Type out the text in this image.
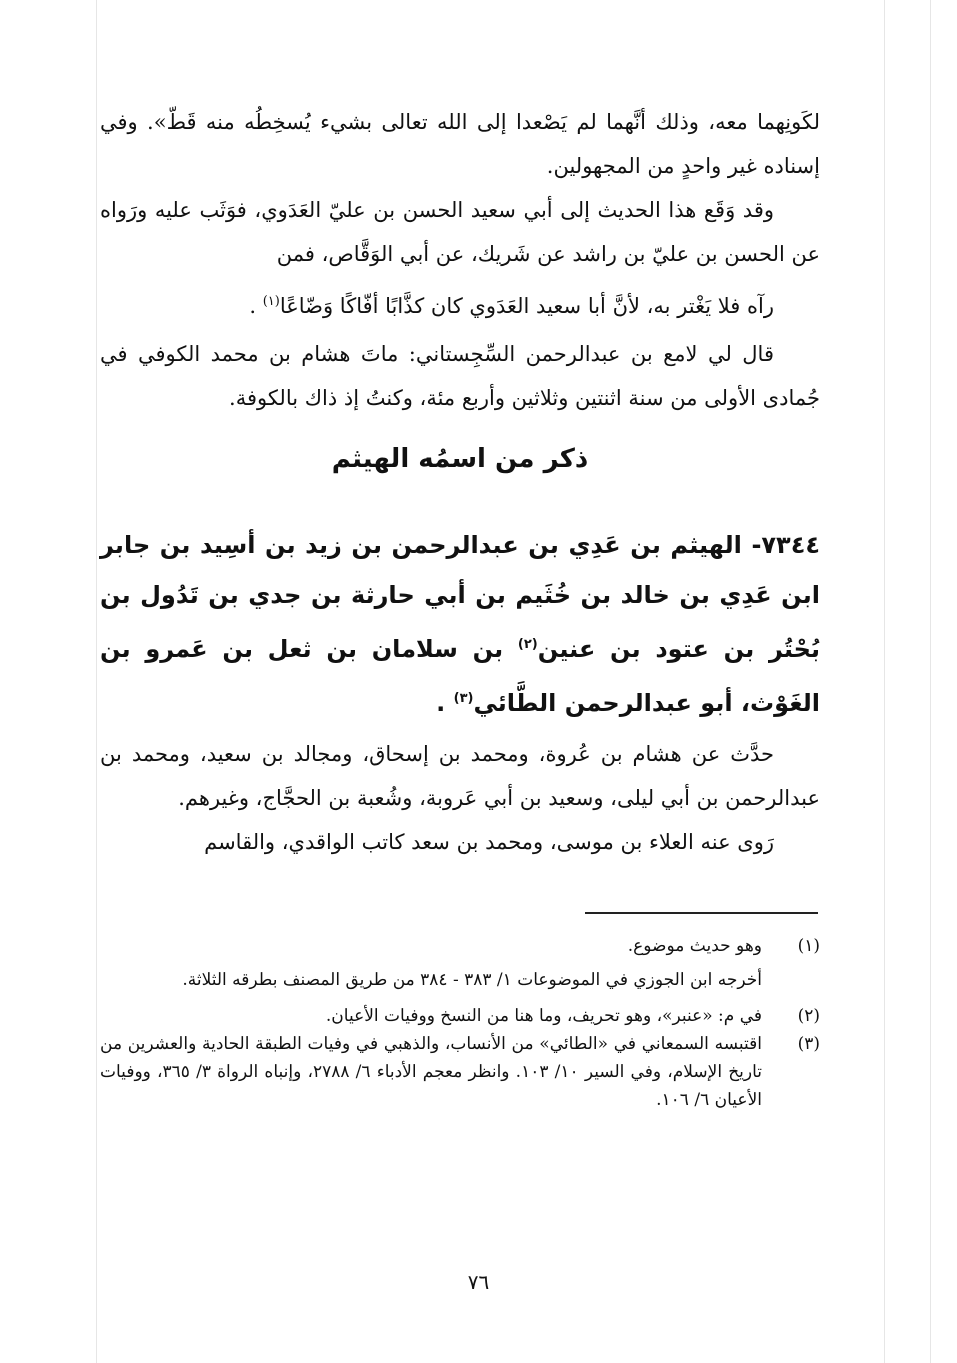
لكَونِهما معه، وذلك أنَّهما لم يَصْعدا إلى الله تعالى بشيء يُسخِطُه منه قَطّ». وفي إسناده غير واحدٍ من المجهولين.

وقد وَقَع هذا الحديث إلى أبي سعيد الحسن بن عليّ العَدَوي، فوَثَب عليه ورَواه عن الحسن بن عليّ بن راشد عن شَريك، عن أبي الوَقَّاص، فمن

رآه فلا يَغْتر به، لأنَّ أبا سعيد العَدَوي كان كذَّابًا أفّاكًا وَضّاعًا$^{(١)}$ .

قال لي لامع بن عبدالرحمن السِّجِستاني: ماتَ هشام بن محمد الكوفي في جُمادى الأولى من سنة اثنتين وثلاثين وأربع مئة، وكنتُ إذ ذاك بالكوفة.

ذكر من اسمُه الهيثم

٧٣٤٤- الهيثم بن عَدِي بن عبدالرحمن بن زيد بن أسِيد بن جابر ابن عَدِي بن خالد بن خُثَيم بن أبي حارثة بن جدي بن تَدُول بن بُحْتُر بن عتود بن عنين$^{(٢)}$ بن سلامان بن ثعل بن عَمرو بن الغَوْث، أبو عبدالرحمن الطَّائي$^{(٣)}$ .

حدَّث عن هشام بن عُروة، ومحمد بن إسحاق، ومجالد بن سعيد، ومحمد بن عبدالرحمن بن أبي ليلى، وسعيد بن أبي عَروبة، وشُعبة بن الحجَّاج، وغيرهم.

رَوى عنه العلاء بن موسى، ومحمد بن سعد كاتب الواقدي، والقاسم

(١)
وهو حديث موضوع.
أخرجه ابن الجوزي في الموضوعات ١/ ٣٨٣ - ٣٨٤ من طريق المصنف بطرقه الثلاثة.
(٢)
في م: «عنبر»، وهو تحريف، وما هنا من النسخ ووفيات الأعيان.
(٣)
اقتبسه السمعاني في «الطائي» من الأنساب، والذهبي في وفيات الطبقة الحادية والعشرين من تاريخ الإسلام، وفي السير ١٠/ ١٠٣. وانظر معجم الأدباء ٦/ ٢٧٨٨، وإنباه الرواة ٣/ ٣٦٥، ووفيات الأعيان ٦/ ١٠٦.
٧٦
